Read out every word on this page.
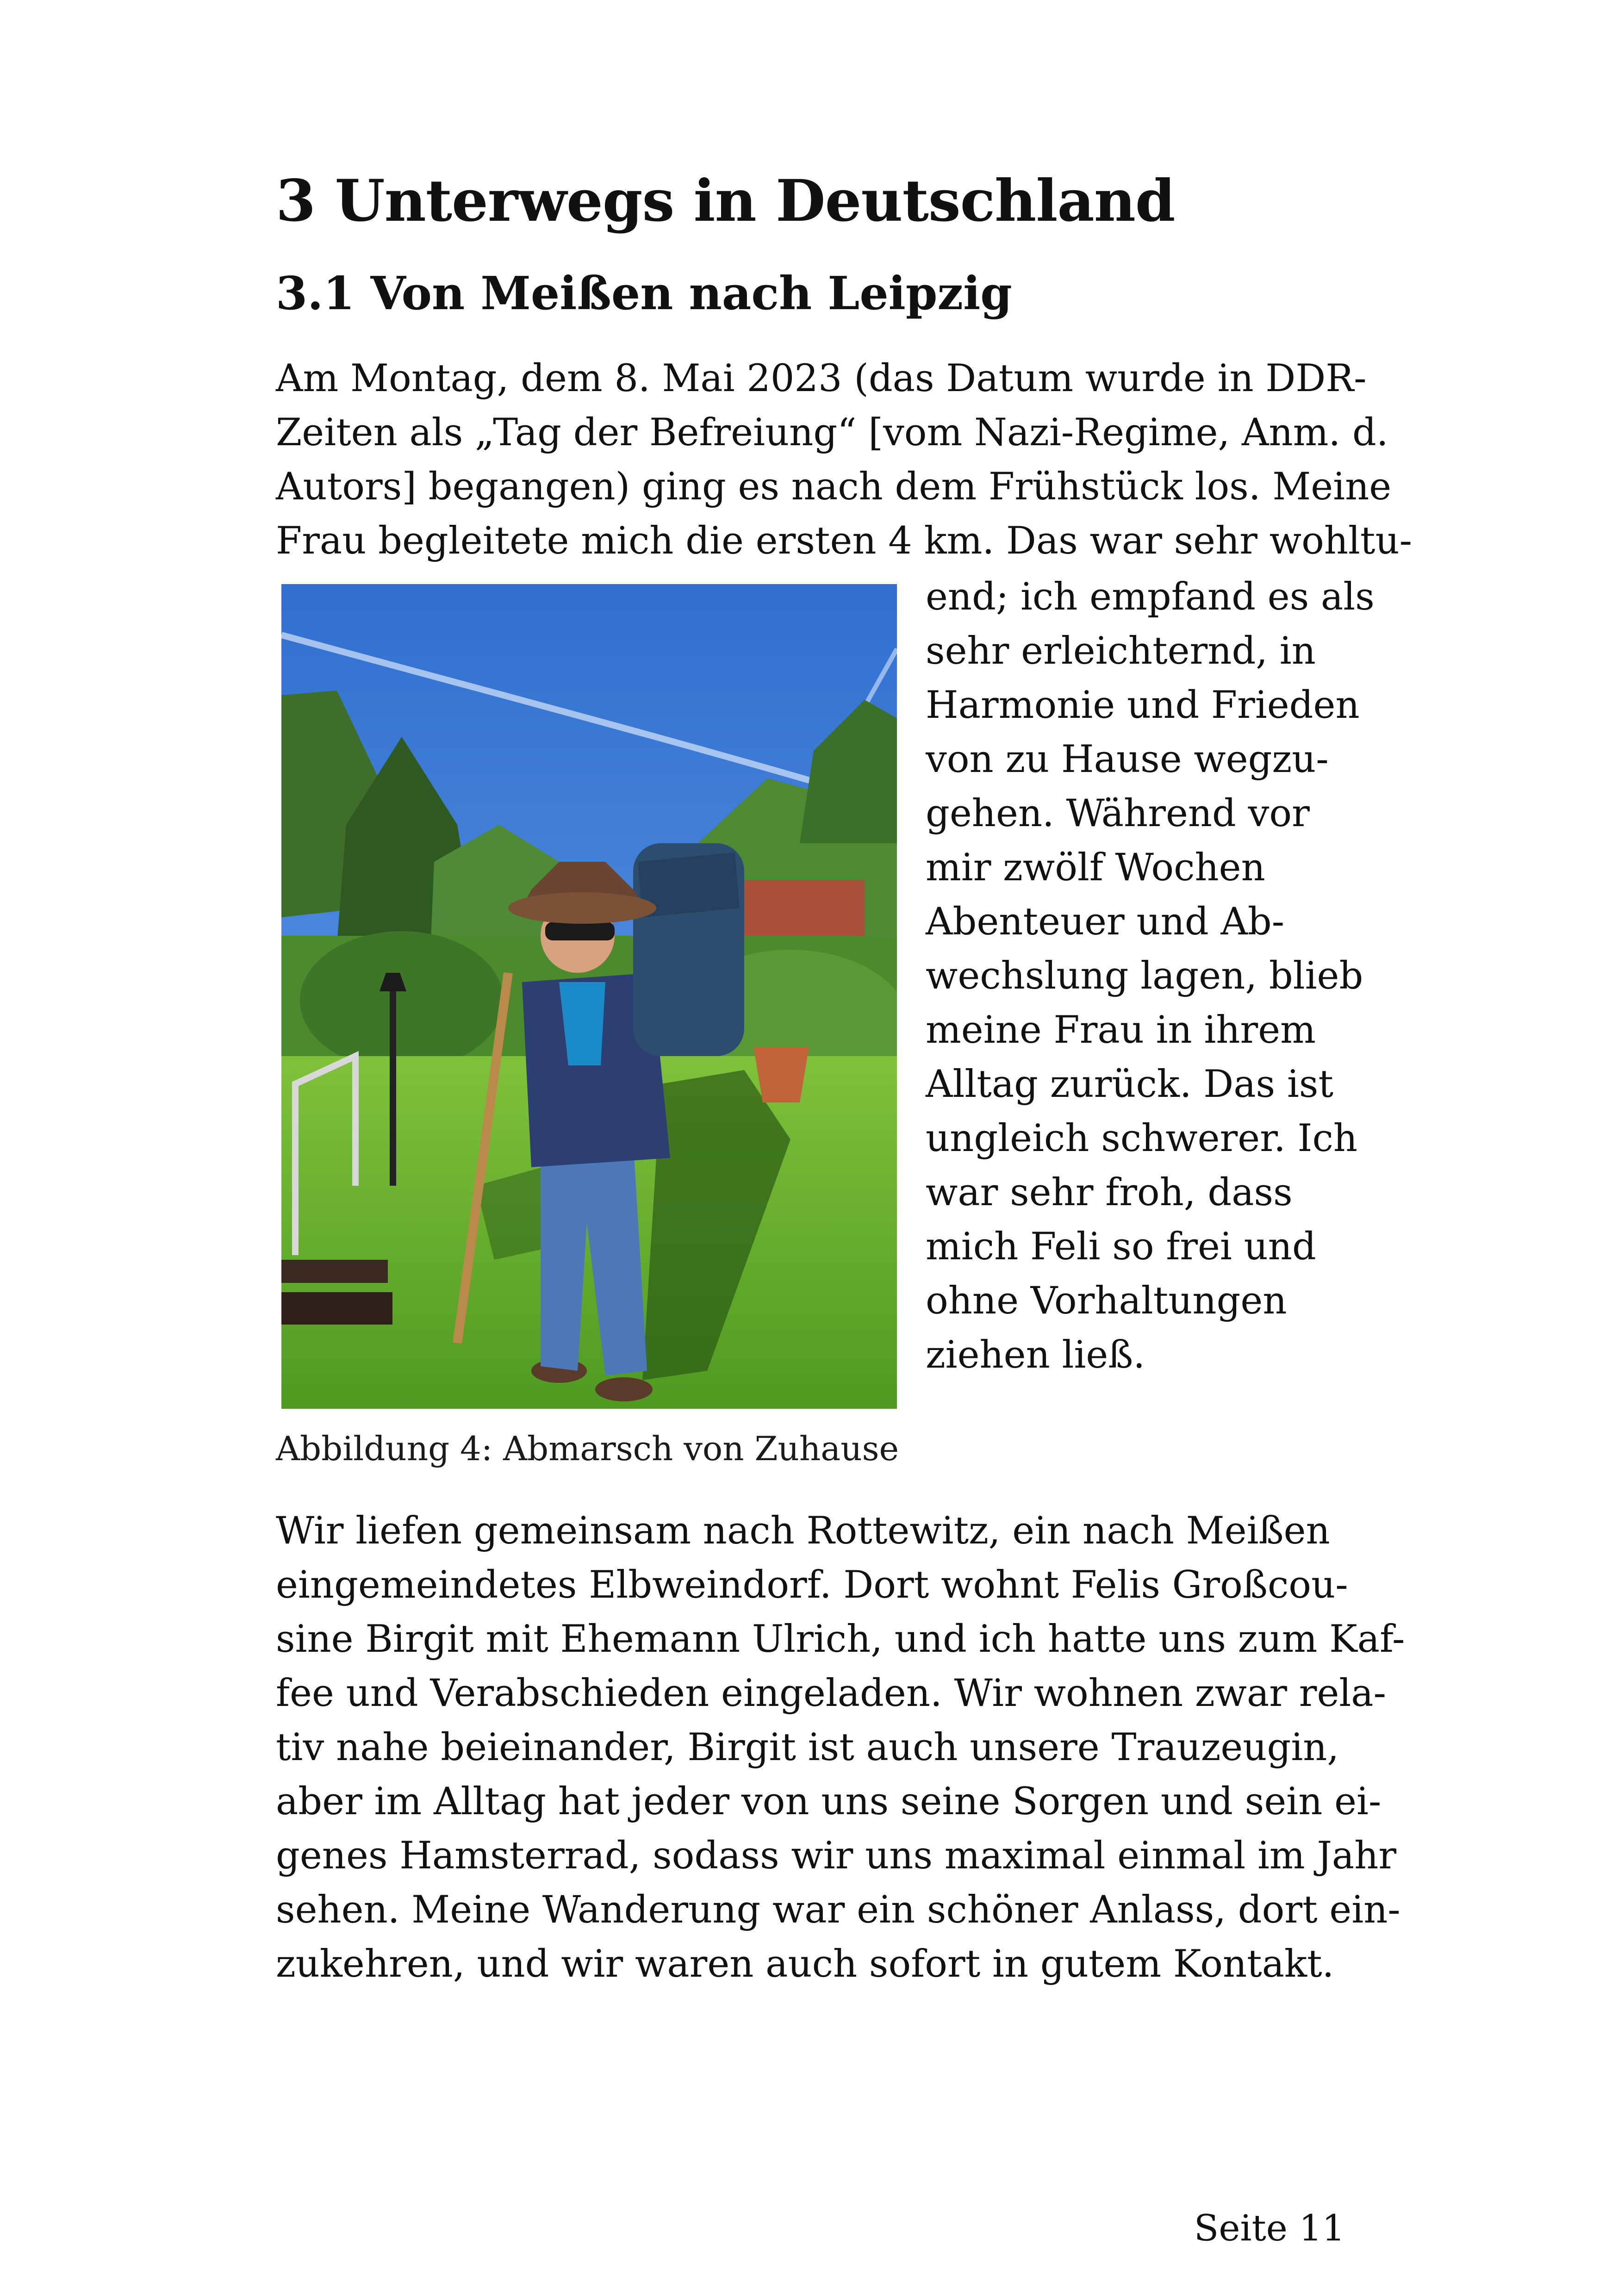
3 Unterwegs in Deutschland
3.1 Von Meißen nach Leipzig

Am Montag, dem 8. Mai 2023 (das Datum wurde in DDR-

Zeiten als „Tag der Befreiung“ [vom Nazi-Regime, Anm. d.

Autors] begangen) ging es nach dem Frühstück los. Meine

Frau begleitete mich die ersten 4 km. Das war sehr wohltu-

end; ich empfand es als

sehr erleichternd, in

Harmonie und Frieden

von zu Hause wegzu-

gehen. Während vor

mir zwölf Wochen

Abenteuer und Ab-

wechslung lagen, blieb

meine Frau in ihrem

Alltag zurück. Das ist

ungleich schwerer. Ich

war sehr froh, dass

mich Feli so frei und

ohne Vorhaltungen

ziehen ließ.

Abbildung 4: Abmarsch von Zuhause

Wir liefen gemeinsam nach Rottewitz, ein nach Meißen

eingemeindetes Elbweindorf. Dort wohnt Felis Großcou-

sine Birgit mit Ehemann Ulrich, und ich hatte uns zum Kaf-

fee und Verabschieden eingeladen. Wir wohnen zwar rela-

tiv nahe beieinander, Birgit ist auch unsere Trauzeugin,

aber im Alltag hat jeder von uns seine Sorgen und sein ei-

genes Hamsterrad, sodass wir uns maximal einmal im Jahr

sehen. Meine Wanderung war ein schöner Anlass, dort ein-

zukehren, und wir waren auch sofort in gutem Kontakt.

Seite 11
